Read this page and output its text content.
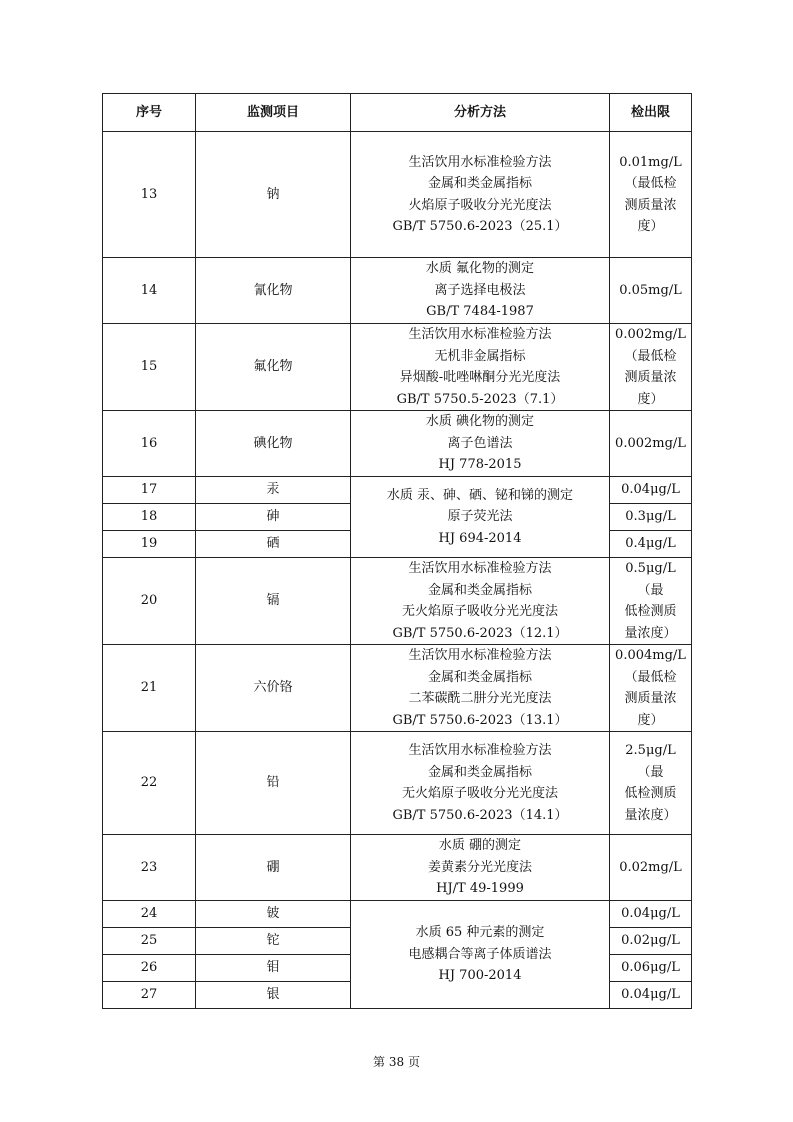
序号	监测项目	分析方法	检出限
13	钠	生活饮用水标准检验方法
金属和类金属指标
火焰原子吸收分光光度法
GB/T 5750.6-2023（25.1）	0.01mg/L
（最低检
测质量浓
度）

14	氰化物	水质 氟化物的测定
离子选择电极法
GB/T 7484-1987	0.05mg/L

15	氟化物	生活饮用水标准检验方法
无机非金属指标
异烟酸-吡唑啉酮分光光度法
GB/T 5750.5-2023（7.1）	0.002mg/L
（最低检
测质量浓
度）

16	碘化物	水质 碘化物的测定
离子色谱法
HJ 778-2015	0.002mg/L

17	汞	水质 汞、砷、硒、铋和锑的测定
原子荧光法
HJ 694-2014	0.04μg/L
18	砷		0.3μg/L
19	硒		0.4μg/L
20	镉	生活饮用水标准检验方法
金属和类金属指标
无火焰原子吸收分光光度法
GB/T 5750.6-2023（12.1）	0.5μg/L（最
低检测质
量浓度）

21	六价铬	生活饮用水标准检验方法
金属和类金属指标
二苯碳酰二肼分光光度法
GB/T 5750.6-2023（13.1）	0.004mg/L
（最低检
测质量浓
度）

22	铅	生活饮用水标准检验方法
金属和类金属指标
无火焰原子吸收分光光度法
GB/T 5750.6-2023（14.1）	2.5μg/L（最
低检测质
量浓度）

23	硼	水质 硼的测定
姜黄素分光光度法
HJ/T 49-1999	0.02mg/L

24	铍	水质 65 种元素的测定
电感耦合等离子体质谱法
HJ 700-2014	0.04μg/L
25	铊		0.02μg/L
26	钼		0.06μg/L
27	银		0.04μg/L
第 38 页
